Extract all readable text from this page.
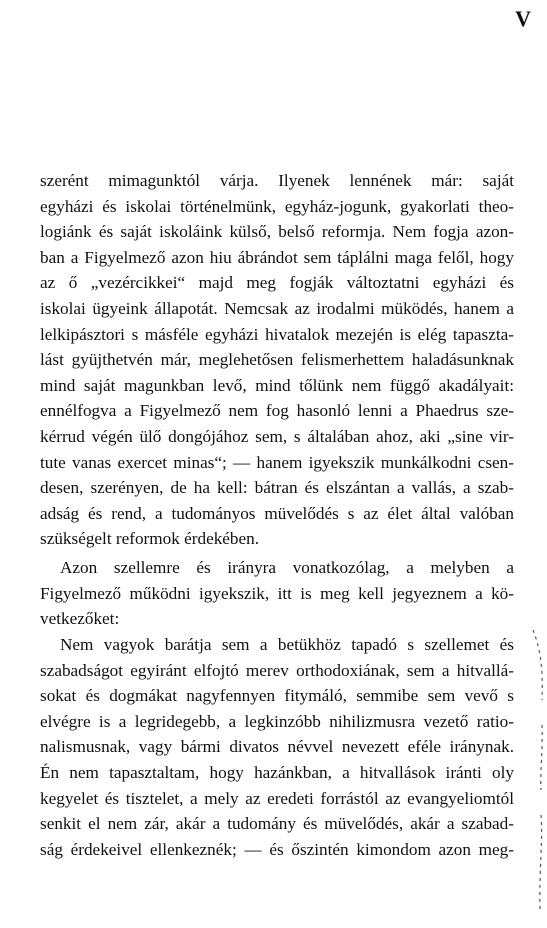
V
szerént mimagunktól várja. Ilyenek lennének már: saját
egyházi és iskolai történelmünk, egyház-jogunk, gyakorlati theo-
logiánk és saját iskoláink külső, belső reformja. Nem fogja azon-
ban a Figyelmező azon hiu ábrándot sem táplálni maga felől, hogy
az ő „vezércikkei“ majd meg fogják változtatni egyházi és
iskolai ügyeink állapotát. Nemcsak az irodalmi müködés, hanem a
lelkipásztori s másféle egyházi hivatalok mezején is elég tapaszta-
lást gyüjthetvén már, meglehetősen felismerhettem haladásunknak
mind saját magunkban levő, mind tőlünk nem függő akadályait:
ennélfogva a Figyelmező nem fog hasonló lenni a Phaedrus sze-
kérrud végén ülő dongójához sem, s általában ahoz, aki „sine vir-
tute vanas exercet minas“; — hanem igyekszik munkálkodni csen-
desen, szerényen, de ha kell: bátran és elszántan a vallás, a szab-
adság és rend, a tudományos müvelődés s az élet által valóban
szükségelt reformok érdekében.
Azon szellemre és irányra vonatkozólag, a melyben a
Figyelmező működni igyekszik, itt is meg kell jegyeznem a kö-
vetkezőket:
Nem vagyok barátja sem a betükhöz tapadó s szellemet és
szabadságot egyiránt elfojtó merev orthodoxiának, sem a hitvallá-
sokat és dogmákat nagyfennyen fitymáló, semmibe sem vevő s
elvégre is a legridegebb, a legkinzóbb nihilizmusra vezető ratio-
nalismusnak, vagy bármi divatos névvel nevezett eféle iránynak.
Én nem tapasztaltam, hogy hazánkban, a hitvallások iránti oly
kegyelet és tisztelet, a mely az eredeti forrástól az evangyeliomtól
senkit el nem zár, akár a tudomány és müvelődés, akár a szabad-
ság érdekeivel ellenkeznék; — és őszintén kimondom azon meg-
